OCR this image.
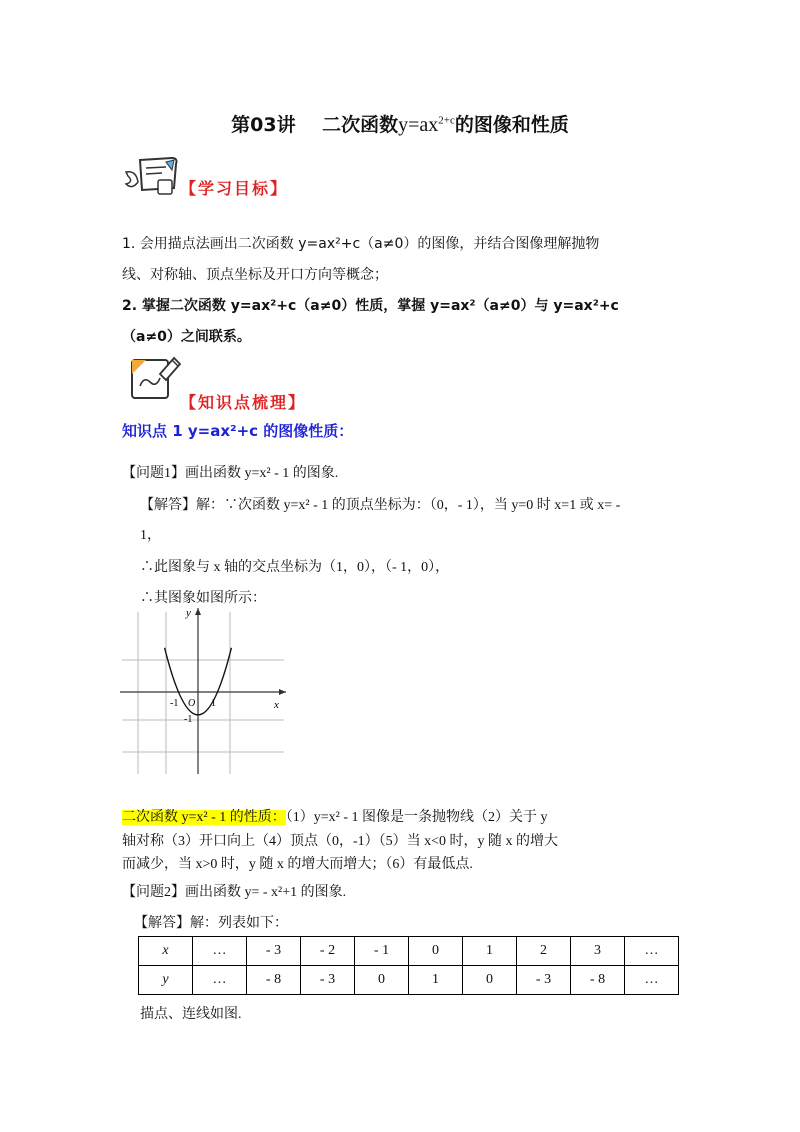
第03讲 二次函数$y=ax^{2+c}$的图像和性质
【学习目标】
1. 会用描点法画出二次函数 y=ax²+c（a≠0）的图像，并结合图像理解抛物
线、对称轴、顶点坐标及开口方向等概念；
2. 掌握二次函数 y=ax²+c（a≠0）性质，掌握 y=ax²（a≠0）与 y=ax²+c
（a≠0）之间联系。
【知识点梳理】
知识点 1 y=ax²+c 的图像性质：
【问题1】画出函数 y=x² - 1 的图象.
【解答】解：∵次函数 y=x² - 1 的顶点坐标为：（0，- 1），当 y=0 时 x=1 或 x= -
1，
∴此图象与 x 轴的交点坐标为（1，0），（- 1，0），
∴其图象如图所示：
y
x
-1 O 1
-1
二次函数 y=x² - 1 的性质：（1）y=x² - 1 图像是一条抛物线（2）关于 y
轴对称（3）开口向上（4）顶点（0，-1）（5）当 x<0 时，y 随 x 的增大
而减少，当 x>0 时，y 随 x 的增大而增大；（6）有最低点.
【问题2】画出函数 y= - x²+1 的图象.
【解答】解：列表如下：
x	…	- 3	- 2	- 1	0	1	2	3	…
y	…	- 8	- 3	0	1	0	- 3	- 8	…
描点、连线如图.
